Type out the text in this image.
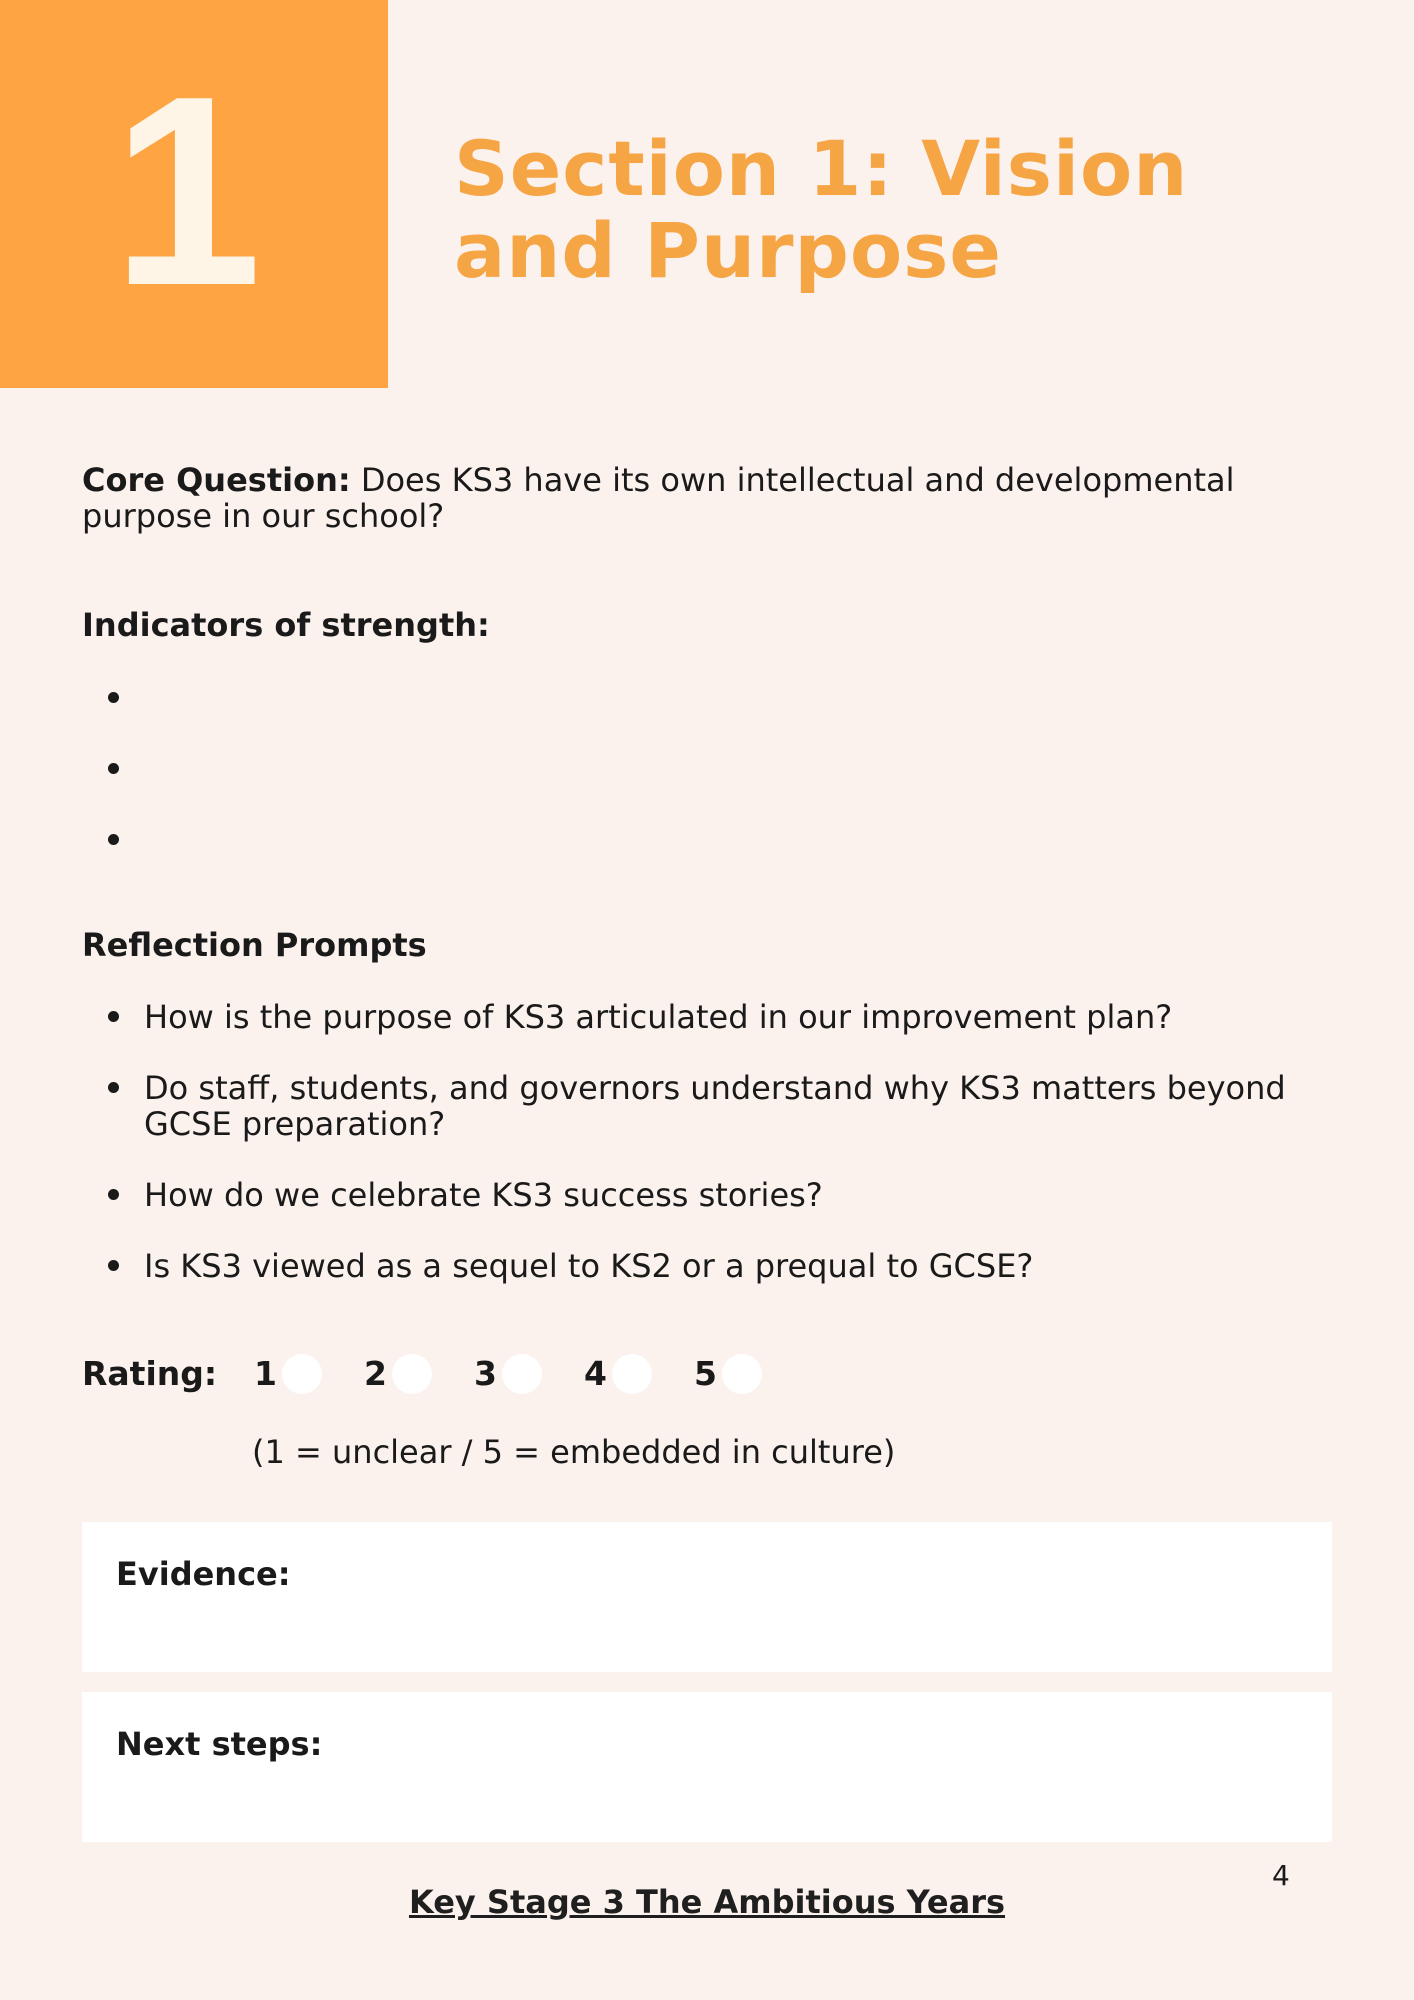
1	Section 1: Vision and Purpose
Core Question: Does KS3 have its own intellectual and developmental purpose in our school?
Indicators of strength:
Reflection Prompts
How is the purpose of KS3 articulated in our improvement plan?
Do staff, students, and governors understand why KS3 matters beyond GCSE preparation?
How do we celebrate KS3 success stories?
Is KS3 viewed as a sequel to KS2 or a prequal to GCSE?
Rating: 1	2	3	4	5
(1 = unclear / 5 = embedded in culture)
Evidence:
Next steps:
4
Key Stage 3 The Ambitious Years
